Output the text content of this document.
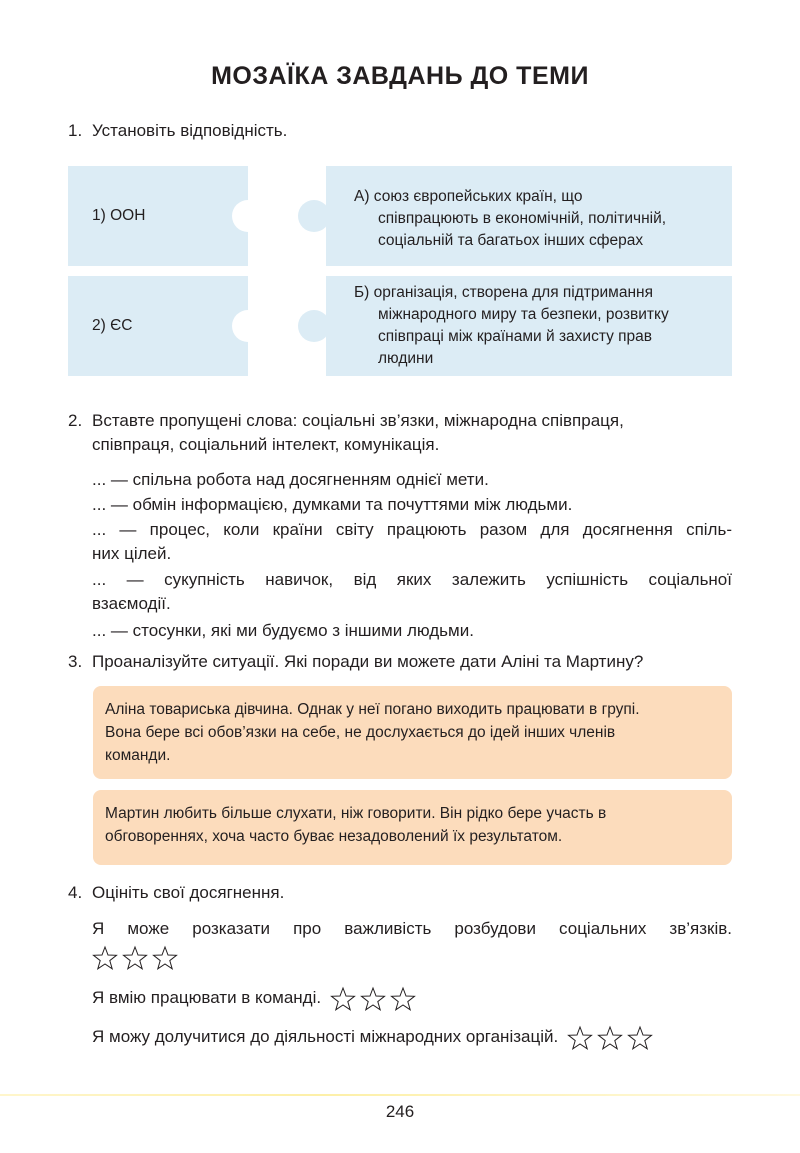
МОЗАЇКА ЗАВДАНЬ ДО ТЕМИ
1. Установіть відповідність.
1) ООН
А) союз європейських країн, що
співпрацюють в економічній, політичній,
соціальній та багатьох інших сферах
2) ЄС
Б) організація, створена для підтримання
міжнародного миру та безпеки, розвитку
співпраці між країнами й захисту прав
людини
2. Вставте пропущені слова: соціальні зв’язки, міжнародна співпраця,
співпраця, соціальний інтелект, комунікація.
... — спільна робота над досягненням однієї мети.
... — обмін інформацією, думками та почуттями між людьми.
... — процес, коли країни світу працюють разом для досягнення спіль-
них цілей.
... — сукупність навичок, від яких залежить успішність соціальної
взаємодії.
... — стосунки, які ми будуємо з іншими людьми.
3. Проаналізуйте ситуації. Які поради ви можете дати Аліні та Мартину?
Аліна товариська дівчина. Однак у неї погано виходить працювати в групі.
Вона бере всі обов’язки на себе, не дослухається до ідей інших членів
команди.
Мартин любить більше слухати, ніж говорити. Він рідко бере участь в
обговореннях, хоча часто буває незадоволений їх результатом.
4. Оцініть свої досягнення.
Я може розказати про важливість розбудови соціальних зв’язків.
Я вмію працювати в команді.
Я можу долучитися до діяльності міжнародних організацій.
246
